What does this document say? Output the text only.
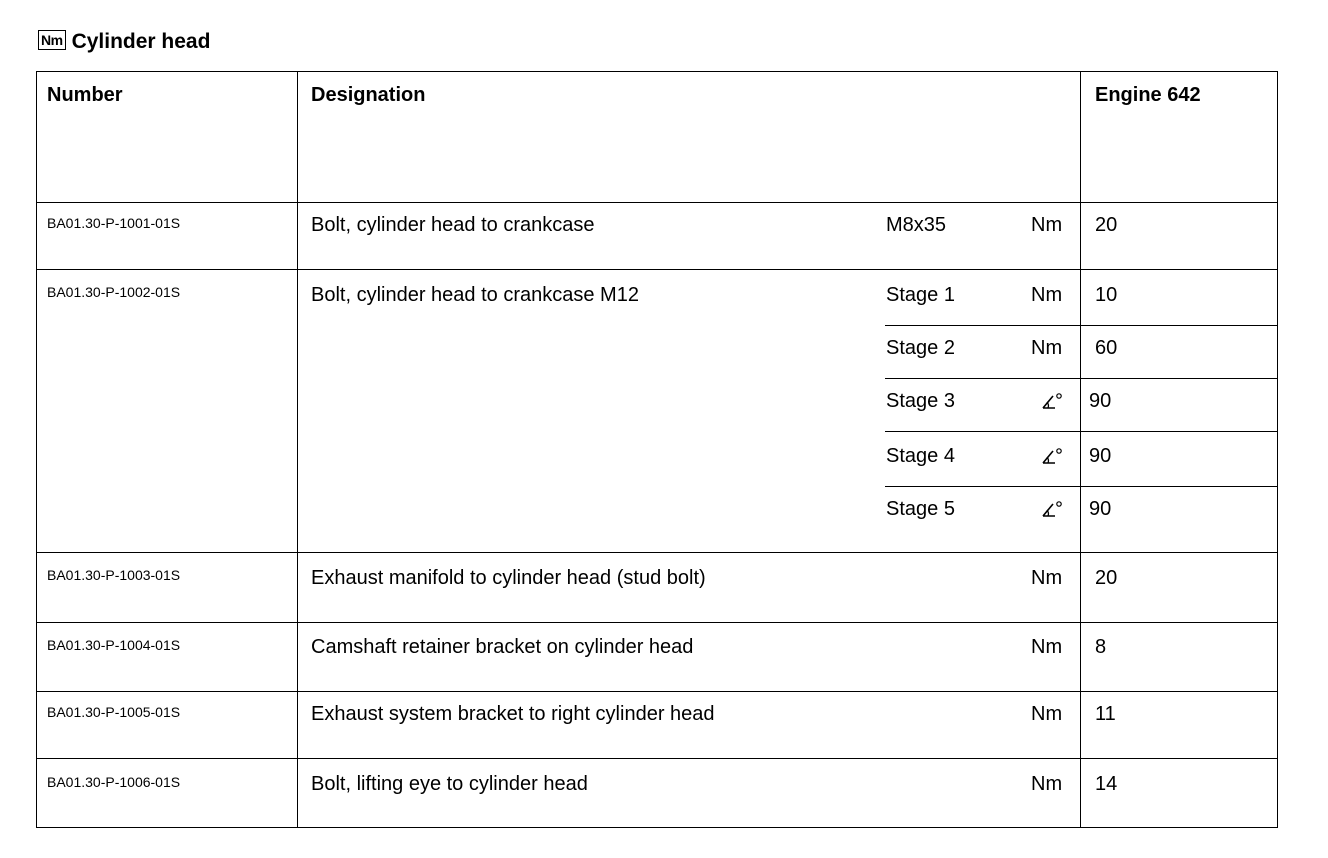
Nm Cylinder head
Number	Designation	Engine 642
BA01.30-P-1001-01S	Bolt, cylinder head to crankcase	M8x35	Nm 20
BA01.30-P-1002-01S	Bolt, cylinder head to crankcase M12	Stage 1	Nm 10
Stage 2	Nm 60
Stage 3	90
Stage 4	90
Stage 5	90
BA01.30-P-1003-01S	Exhaust manifold to cylinder head (stud bolt)	Nm 20
BA01.30-P-1004-01S	Camshaft retainer bracket on cylinder head	Nm 8
BA01.30-P-1005-01S	Exhaust system bracket to right cylinder head	Nm 11
BA01.30-P-1006-01S	Bolt, lifting eye to cylinder head	Nm 14
